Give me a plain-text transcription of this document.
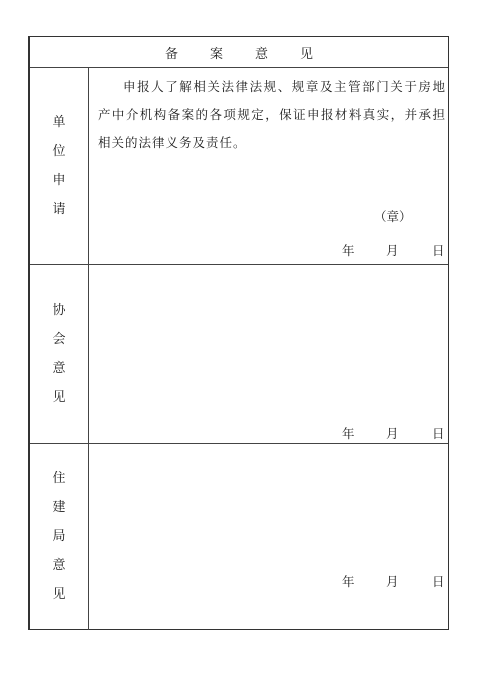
备 案 意 见
单
位
申
请

申报人了解相关法律法规、规章及主管部门关于房地产中介机构备案的各项规定，保证申报材料真实，并承担相关的法律义务及责任。

（章）
年	月	日
协
会
意
见
年	月	日
住
建
局
意
见
年	月	日
